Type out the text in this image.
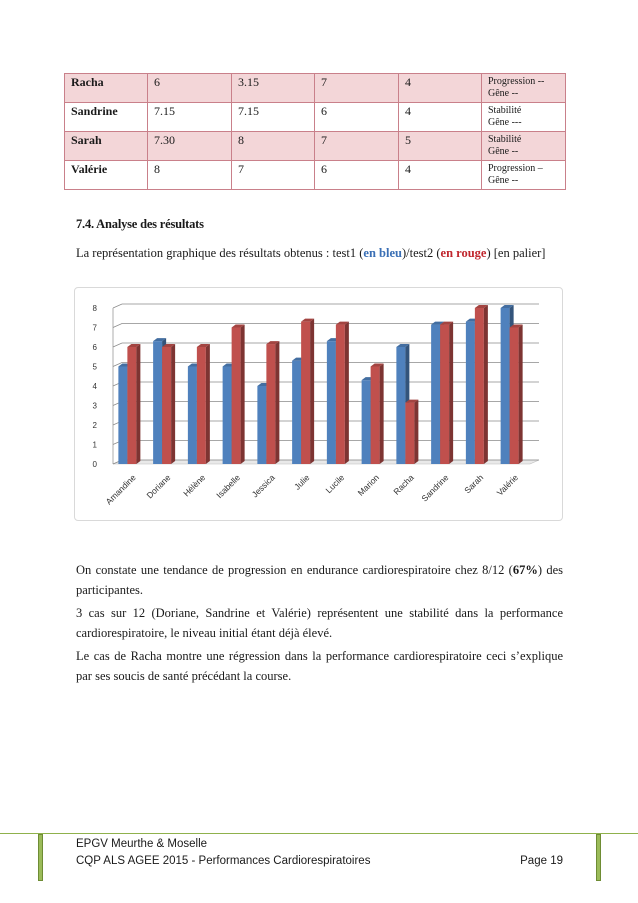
Racha	6	3.15	7	4	Progression --
Gêne --

Sandrine	7.15	7.15	6	4	Stabilité
Gêne ---

Sarah	7.30	8	7	5	Stabilité
Gêne --

Valérie	8	7	6	4	Progression –
Gêne --
7.4. Analyse des résultats

La représentation graphique des résultats obtenus : test1 (en bleu)/test2 (en rouge) [en palier]

0
1
2
3
4
5
6
7
8
Amandine Doriane Hélène Isabelle Jessica Julie Lucile Marion Racha Sandrine Sarah Valérie

On constate une tendance de progression en endurance cardiorespiratoire chez 8/12 (67%) des participantes.

3 cas sur 12 (Doriane, Sandrine et Valérie) représentent une stabilité dans la performance cardiorespiratoire, le niveau initial étant déjà élevé.

Le cas de Racha montre une régression dans la performance cardiorespiratoire ceci s’explique par ses soucis de santé précédant la course.

EPGV Meurthe & Moselle

CQP ALS AGEE 2015 - Performances Cardiorespiratoires	Page 19
